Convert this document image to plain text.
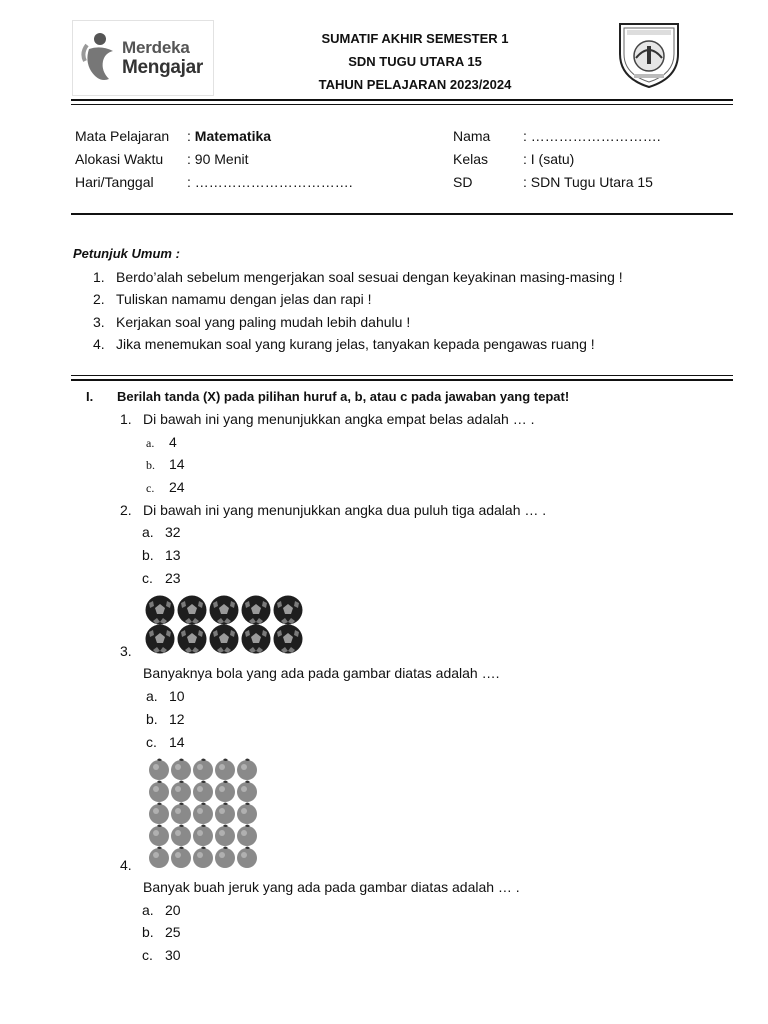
Merdeka
Mengajar
SUMATIF AKHIR SEMESTER 1
SDN TUGU UTARA 15
TAHUN PELAJARAN 2023/2024
Mata Pelajaran : Matematika
Alokasi Waktu : 90 Menit
Hari/Tanggal : …………………………….
Nama : ……………………….
Kelas : I (satu)
SD	: SDN Tugu Utara 15
Petunjuk Umum :
1. Berdo’alah sebelum mengerjakan soal sesuai dengan keyakinan masing-masing !
2. Tuliskan namamu dengan jelas dan rapi !
3. Kerjakan soal yang paling mudah lebih dahulu !
4. Jika menemukan soal yang kurang jelas, tanyakan kepada pengawas ruang !
I. Berilah tanda (X) pada pilihan huruf a, b, atau c pada jawaban yang tepat!
1. Di bawah ini yang menunjukkan angka empat belas adalah … .
a. 4
b. 14
c. 24
2. Di bawah ini yang menunjukkan angka dua puluh tiga adalah … .
a. 32
b. 13
c. 23
3.
Banyaknya bola yang ada pada gambar diatas adalah ….
a. 10
b. 12
c. 14
4.
Banyak buah jeruk yang ada pada gambar diatas adalah … .
a. 20
b. 25
c. 30
